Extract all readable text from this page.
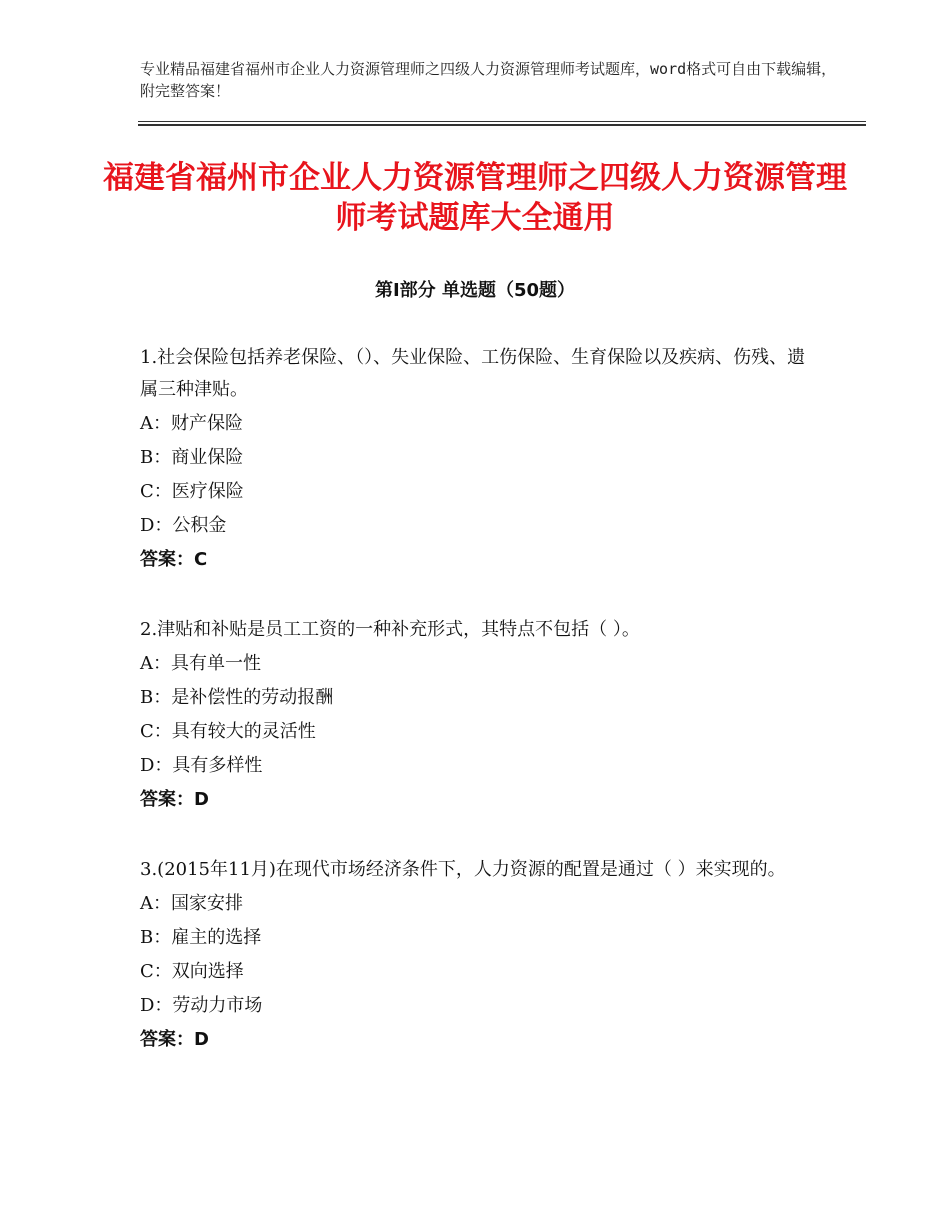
专业精品福建省福州市企业人力资源管理师之四级人力资源管理师考试题库，word格式可自由下载编辑，附完整答案！
福建省福州市企业人力资源管理师之四级人力资源管理师考试题库大全通用
第Ⅰ部分 单选题（50题）

1.社会保险包括养老保险、（）、失业保险、工伤保险、生育保险以及疾病、伤残、遗属三种津贴。

A：财产保险

B：商业保险

C：医疗保险

D：公积金

答案：C

2.津贴和补贴是员工工资的一种补充形式，其特点不包括（ ）。

A：具有单一性

B：是补偿性的劳动报酬

C：具有较大的灵活性

D：具有多样性

答案：D

3.(2015年11月)在现代市场经济条件下，人力资源的配置是通过（ ）来实现的。

A：国家安排

B：雇主的选择

C：双向选择

D：劳动力市场

答案：D
